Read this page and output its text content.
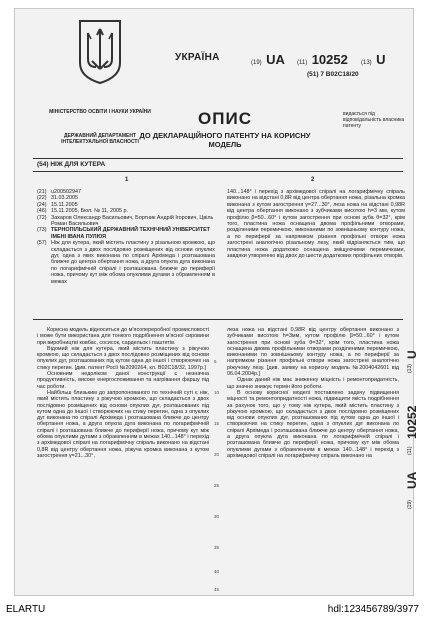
МІНІСТЕРСТВО ОСВІТИ І НАУКИ УКРАЇНИ
ДЕРЖАВНИЙ ДЕПАРТАМЕНТ ІНТЕЛЕКТУАЛЬНОЇ ВЛАСНОСТІ
УКРАЇНА	(19) UA (11) 10252 (13) U
(51) 7 B02C18/20
ОПИС
ДО ДЕКЛАРАЦІЙНОГО ПАТЕНТУ НА КОРИСНУ МОДЕЛЬ
видається під відповідальність власника патенту
(54) НІЖ ДЛЯ КУТЕРА
1	2
(21) u200502947
(22) 31.03.2005
(24) 15.11.2005
(46) 15.11.2005, Бюл. № 11, 2005 р.
(72) Захаров Олександр Васильович, Бортник Андрій Ігорович, Цвіль Роман Васильович
(73) ТЕРНОПІЛЬСЬКИЙ ДЕРЖАВНИЙ ТЕХНІЧНИЙ УНІВЕРСИТЕТ ІМЕНІ ІВАНА ПУЛЮЯ
(57) Ніж для кутера, який містить пластину з різальною кромкою, що складається з двох послідовно розміщених від основи опуклих дуг, одна з яких виконана по спіралі Архімеда і розташована ближче до центра обертання ножа, а друга опукла дуга виконана по логарифмічній спіралі і розташована ближче до периферії ножа, причому кут між обома опуклими дугами з обрамленням в межах
140...148° і перехід з архімедової спіралі на логарифмічну спіраль виконано на відстані 0,8R від центра обертання ножа, різальна кромка виконана з кутом загострення γ=27...30°, леза ножа на відстані 0,98R від центра обертання виконано з зубчиками висотою h=3 мм, кутом профілю β=50...60° і кутом загострення при основі зуба θ=32°, крім того, пластина ножа оснащена двома профільними отворами, розділеними перемичкою, виконаними по зовнішньому контуру ножа, а по периферії за напрямком різання профільні отвори ножа загострені аналогічно різальному лезу, який відрізняється тим, що пластина ножа додатково оснащена зміщуючими перемичками, завдяки утворенню від двох до шести додаткових профільних отворів.

Корисна модель відноситься до м'ясопереробної промисловості і може бути використана для тонкого подрібнення м'ясної сировини при виробництві ковбас, сосисок, сардельок і паштетів.

Відомий ніж для кутера, який містить пластину з ріжучою кромкою, що складається з двох послідовно розміщених від основи опуклих дуг, розташованих під кутом одна до іншої і створюючих на стику перегин. [див. патент Росії №2090264, кл. B02C18/32, 1997р.]

Основним недоліком даної конструкції є незначна продуктивність, високе енергоспоживання та нагрівання фаршу під час роботи.

Найбільш близьким до запропонованого по технічній суті є ніж, який містить пластину з ріжучою кромкою, що складається з двох послідовно розміщених від основи опуклих дуг, розташованих під кутом одна до іншої і створюючих на стику перегин, одна з опуклих дуг виконана по спіралі Архімеда і розташована ближче до центру обертання ножа, а друга опукла дуга виконана по логарифмічній спіралі і розташована ближче до периферії ножа, причому кут між обома опуклими дугами з обрамленням в межах 140...148° і перехід з архімедової спіралі на логарифмічну спіраль виконано на відстані 0,8R від центру обертання ножа, ріжуча кромка виконана з кутом загострення γ=21...30°,

5
10
15
20
25
30
35
40
45

леза ножа на відстані 0,98R від центру обертання виконано з зубчиками висотою h=3мм, кутом профілю β=50...60° і кутом загострення при основі зуба θ=32°, крім того, пластина ножа оснащена двома профільними отворами розділеними перемичкою, виконаними по зовнішньому контуру ножа, а по периферії за напрямком різання профільні отвори ножа загострені аналогічно ріжучому лезу. [див. заявку на корисну модель №2004042601 від 06.04.2004р.]

Однак даний ніж має зниженну міцність і ремонтопридатність, що значно знижує термін його роботи.

В основу корисної моделі поставлено задачу підвищення міцності та ремонтопридатності ножа, підвищити якість подрібнення за рахунок того, що у тому ніж кутера, який містить пластину з ріжучою кромкою, що складається з двох послідовно розміщених від основи опуклих дуг, розташованих під кутом одна до іншої і створюючих на стику перегин, одна з опуклих дуг виконана по спіралі Архімеда і розташована ближче до центру обертання ножа, а друга опукла дуга виконана по логарифмічній спіралі і розташована ближче до периферії ножа, причому кут між обома опуклими дугами з обрамленням в межах 140...148° і перехід з архімедової спіралі на логарифмічну спіраль виконано на

U
(13)
10252
(11)
UA
(19)
ELARTU	hdl:123456789/3977
